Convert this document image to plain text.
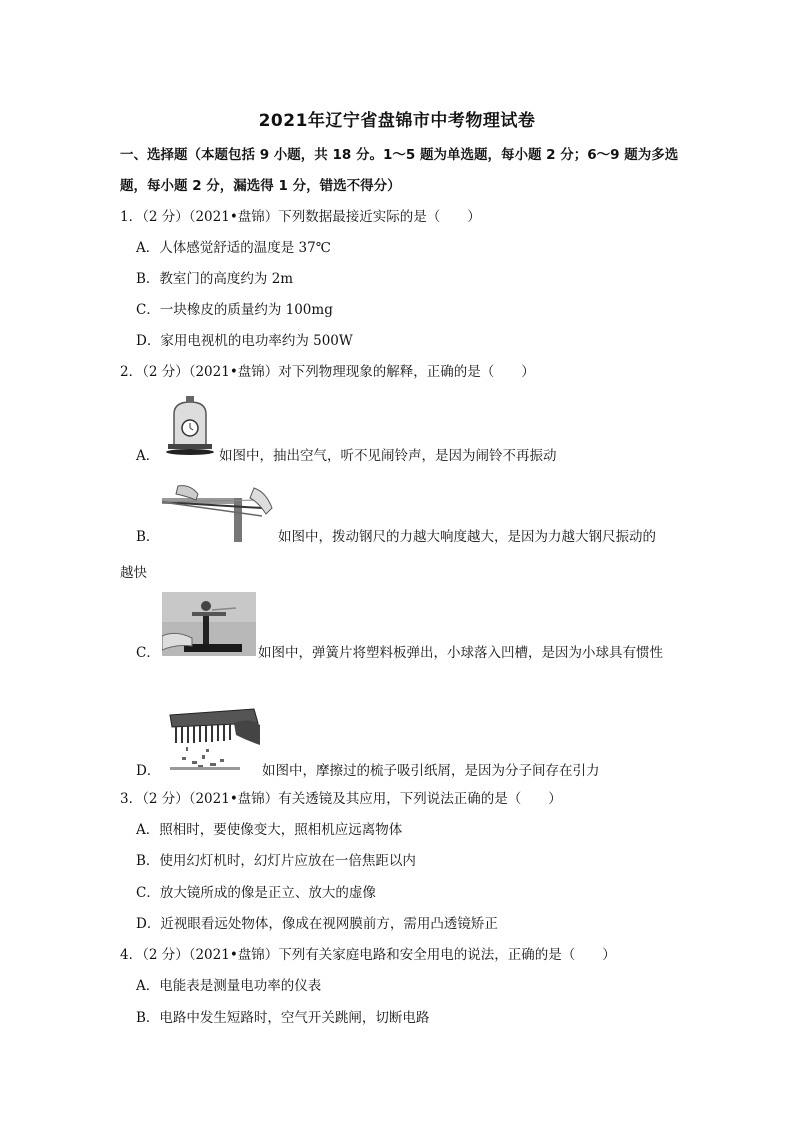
2021年辽宁省盘锦市中考物理试卷
一、选择题（本题包括 9 小题，共 18 分。1～5 题为单选题，每小题 2 分；6～9 题为多选
题，每小题 2 分，漏选得 1 分，错选不得分）
1．（2 分）（2021•盘锦）下列数据最接近实际的是（　　）
A．人体感觉舒适的温度是 37℃
B．教室门的高度约为 2m
C．一块橡皮的质量约为 100mg
D．家用电视机的电功率约为 500W
2．（2 分）（2021•盘锦）对下列物理现象的解释，正确的是（　　）
A．	如图中，抽出空气，听不见闹铃声，是因为闹铃不再振动
B．	如图中，拨动钢尺的力越大响度越大，是因为力越大钢尺振动的
越快
C．	如图中，弹簧片将塑料板弹出，小球落入凹槽，是因为小球具有惯性
D．	如图中，摩擦过的梳子吸引纸屑，是因为分子间存在引力
3．（2 分）（2021•盘锦）有关透镜及其应用，下列说法正确的是（　　）
A．照相时，要使像变大，照相机应远离物体
B．使用幻灯机时，幻灯片应放在一倍焦距以内
C．放大镜所成的像是正立、放大的虚像
D．近视眼看远处物体，像成在视网膜前方，需用凸透镜矫正
4．（2 分）（2021•盘锦）下列有关家庭电路和安全用电的说法，正确的是（　　）
A．电能表是测量电功率的仪表
B．电路中发生短路时，空气开关跳闸，切断电路
